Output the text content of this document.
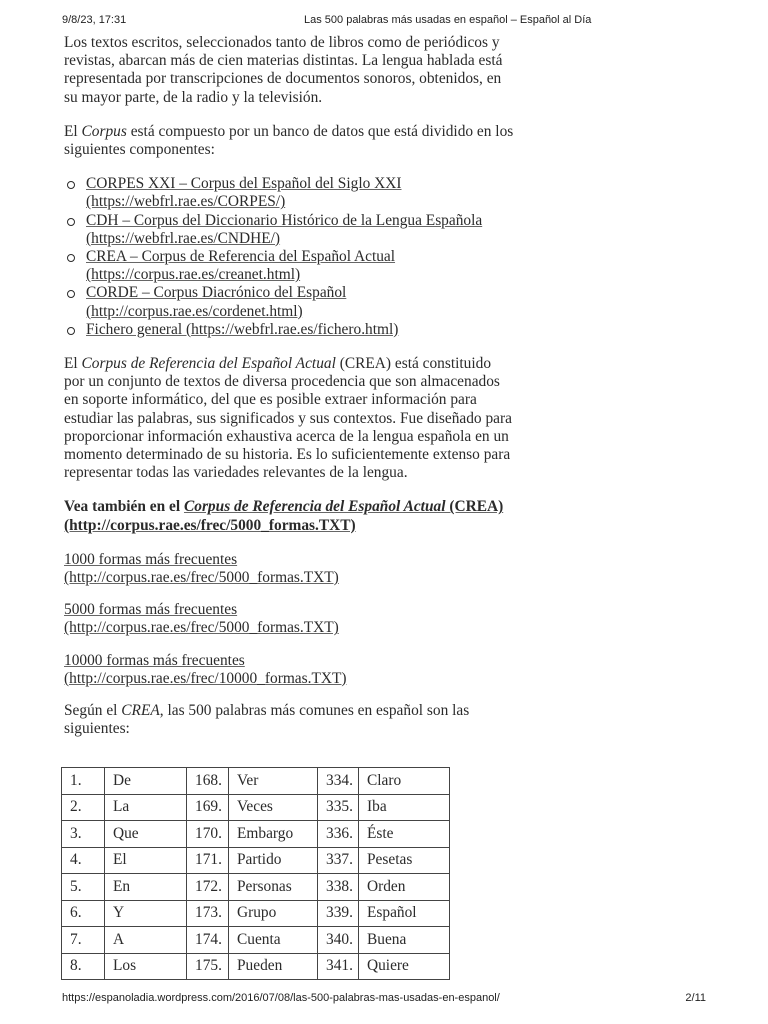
9/8/23, 17:31	Las 500 palabras más usadas en español – Español al Día

Los textos escritos, seleccionados tanto de libros como de periódicos y revistas, abarcan más de cien materias distintas. La lengua hablada está representada por transcripciones de documentos sonoros, obtenidos, en su mayor parte, de la radio y la televisión.

El Corpus está compuesto por un banco de datos que está dividido en los siguientes componentes:

CORPES XXI – Corpus del Español del Siglo XXI (https://webfrl.rae.es/CORPES/)
CDH – Corpus del Diccionario Histórico de la Lengua Española (https://webfrl.rae.es/CNDHE/)
CREA – Corpus de Referencia del Español Actual (https://corpus.rae.es/creanet.html)
CORDE – Corpus Diacrónico del Español (http://corpus.rae.es/cordenet.html)
Fichero general (https://webfrl.rae.es/fichero.html)

El Corpus de Referencia del Español Actual (CREA) está constituido por un conjunto de textos de diversa procedencia que son almacenados en soporte informático, del que es posible extraer información para estudiar las palabras, sus significados y sus contextos. Fue diseñado para proporcionar información exhaustiva acerca de la lengua española en un momento determinado de su historia. Es lo suficientemente extenso para representar todas las variedades relevantes de la lengua.

Vea también en el Corpus de Referencia del Español Actual (CREA) (http://corpus.rae.es/frec/5000_formas.TXT)

1000 formas más frecuentes (http://corpus.rae.es/frec/5000_formas.TXT)

5000 formas más frecuentes (http://corpus.rae.es/frec/5000_formas.TXT)

10000 formas más frecuentes (http://corpus.rae.es/frec/10000_formas.TXT)

Según el CREA, las 500 palabras más comunes en español son las siguientes:

1.	De	168.	Ver	334.	Claro
2.	La	169.	Veces	335.	Iba
3.	Que	170.	Embargo	336.	Éste
4.	El	171.	Partido	337.	Pesetas
5.	En	172.	Personas	338.	Orden
6.	Y	173.	Grupo	339.	Español
7.	A	174.	Cuenta	340.	Buena
8.	Los	175.	Pueden	341.	Quiere
https://espanoladia.wordpress.com/2016/07/08/las-500-palabras-mas-usadas-en-espanol/	2/11
